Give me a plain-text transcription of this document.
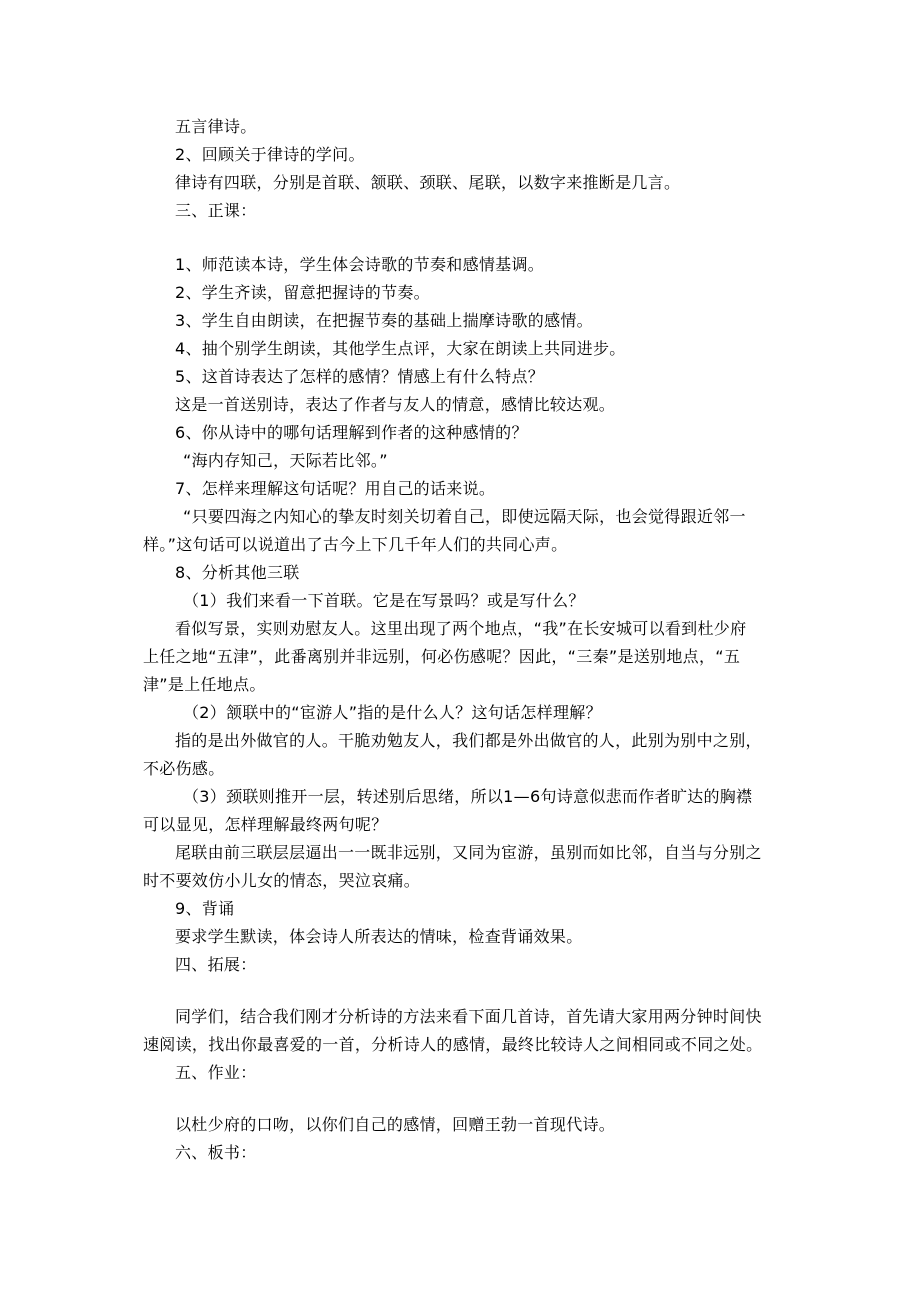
五言律诗。
2、回顾关于律诗的学问。
律诗有四联，分别是首联、颔联、颈联、尾联，以数字来推断是几言。
三、正课：
1、师范读本诗，学生体会诗歌的节奏和感情基调。
2、学生齐读，留意把握诗的节奏。
3、学生自由朗读，在把握节奏的基础上揣摩诗歌的感情。
4、抽个别学生朗读，其他学生点评，大家在朗读上共同进步。
5、这首诗表达了怎样的感情？情感上有什么特点？
这是一首送别诗，表达了作者与友人的情意，感情比较达观。
6、你从诗中的哪句话理解到作者的这种感情的？
“海内存知己，天际若比邻。”
7、怎样来理解这句话呢？用自己的话来说。
“只要四海之内知心的挚友时刻关切着自己，即使远隔天际，也会觉得跟近邻一
样。”这句话可以说道出了古今上下几千年人们的共同心声。
8、分析其他三联
（1）我们来看一下首联。它是在写景吗？或是写什么？
看似写景，实则劝慰友人。这里出现了两个地点，“我”在长安城可以看到杜少府
上任之地“五津”，此番离别并非远别，何必伤感呢？因此，“三秦”是送别地点，“五
津”是上任地点。
（2）颔联中的“宦游人”指的是什么人？这句话怎样理解？
指的是出外做官的人。干脆劝勉友人，我们都是外出做官的人，此别为别中之别，
不必伤感。
（3）颈联则推开一层，转述别后思绪，所以1—6句诗意似悲而作者旷达的胸襟
可以显见，怎样理解最终两句呢？
尾联由前三联层层逼出一一既非远别，又同为宦游，虽别而如比邻，自当与分别之
时不要效仿小儿女的情态，哭泣哀痛。
9、背诵
要求学生默读，体会诗人所表达的情味，检查背诵效果。
四、拓展：
同学们，结合我们刚才分析诗的方法来看下面几首诗，首先请大家用两分钟时间快
速阅读，找出你最喜爱的一首，分析诗人的感情，最终比较诗人之间相同或不同之处。
五、作业：
以杜少府的口吻，以你们自己的感情，回赠王勃一首现代诗。
六、板书：
